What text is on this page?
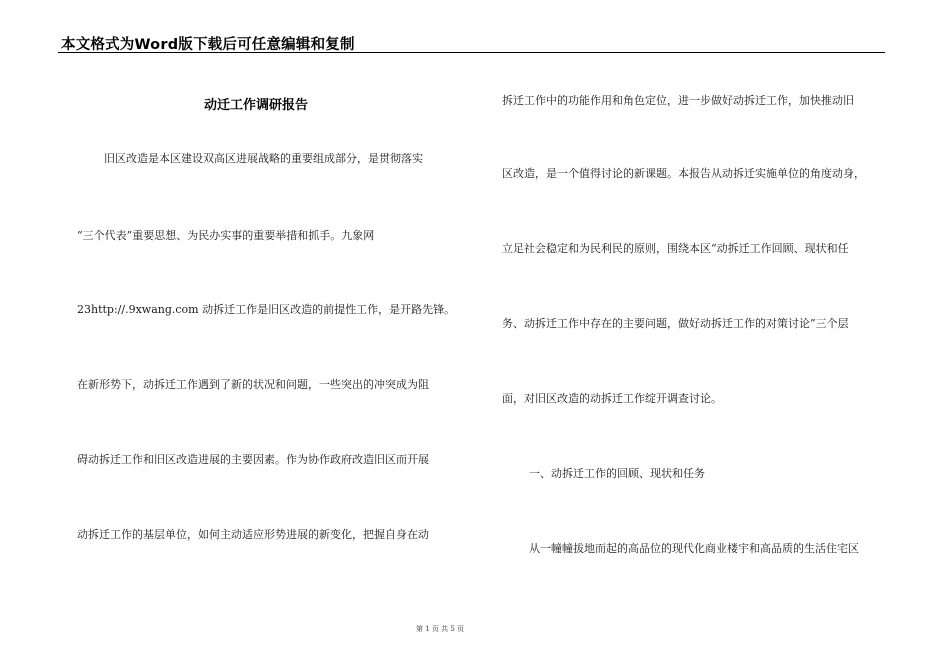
本文格式为Word版下载后可任意编辑和复制
动迁工作调研报告
旧区改造是本区建设双高区进展战略的重要组成部分，是贯彻落实
“三个代表”重要思想、为民办实事的重要举措和抓手。九象网
23http://.9xwang.com 动拆迁工作是旧区改造的前提性工作，是开路先锋。
在新形势下，动拆迁工作遇到了新的状况和问题，一些突出的冲突成为阻
碍动拆迁工作和旧区改造进展的主要因素。作为协作政府改造旧区而开展
动拆迁工作的基层单位，如何主动适应形势进展的新变化，把握自身在动
拆迁工作中的功能作用和角色定位，进一步做好动拆迁工作，加快推动旧
区改造，是一个值得讨论的新课题。本报告从动拆迁实施单位的角度动身，
立足社会稳定和为民利民的原则，围绕本区“动拆迁工作回顾、现状和任
务、动拆迁工作中存在的主要问题，做好动拆迁工作的对策讨论”三个层
面，对旧区改造的动拆迁工作绽开调查讨论。
一、动拆迁工作的回顾、现状和任务
从一幢幢拔地而起的高品位的现代化商业楼宇和高品质的生活住宅区
第 1 页 共 5 页
